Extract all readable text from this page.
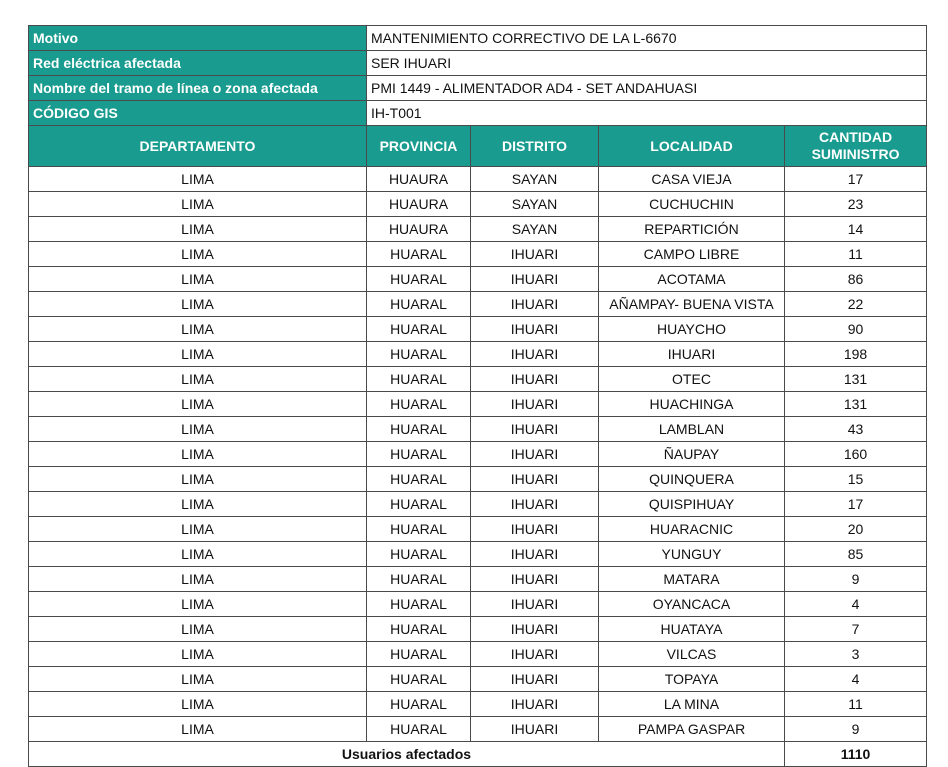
Motivo	MANTENIMIENTO CORRECTIVO DE LA L-6670			
Red eléctrica afectada	SER IHUARI			
Nombre del tramo de línea o zona afectada	PMI 1449 - ALIMENTADOR AD4 - SET ANDAHUASI			
CÓDIGO GIS	IH-T001			
DEPARTAMENTO	PROVINCIA	DISTRITO	LOCALIDAD	CANTIDAD
SUMINISTRO
LIMA	HUAURA	SAYAN	CASA VIEJA	17
LIMA	HUAURA	SAYAN	CUCHUCHIN	23
LIMA	HUAURA	SAYAN	REPARTICIÓN	14
LIMA	HUARAL	IHUARI	CAMPO LIBRE	11
LIMA	HUARAL	IHUARI	ACOTAMA	86
LIMA	HUARAL	IHUARI	AÑAMPAY- BUENA VISTA	22
LIMA	HUARAL	IHUARI	HUAYCHO	90
LIMA	HUARAL	IHUARI	IHUARI	198
LIMA	HUARAL	IHUARI	OTEC	131
LIMA	HUARAL	IHUARI	HUACHINGA	131
LIMA	HUARAL	IHUARI	LAMBLAN	43
LIMA	HUARAL	IHUARI	ÑAUPAY	160
LIMA	HUARAL	IHUARI	QUINQUERA	15
LIMA	HUARAL	IHUARI	QUISPIHUAY	17
LIMA	HUARAL	IHUARI	HUARACNIC	20
LIMA	HUARAL	IHUARI	YUNGUY	85
LIMA	HUARAL	IHUARI	MATARA	9
LIMA	HUARAL	IHUARI	OYANCACA	4
LIMA	HUARAL	IHUARI	HUATAYA	7
LIMA	HUARAL	IHUARI	VILCAS	3
LIMA	HUARAL	IHUARI	TOPAYA	4
LIMA	HUARAL	IHUARI	LA MINA	11
LIMA	HUARAL	IHUARI	PAMPA GASPAR	9
Usuarios afectados				1110
